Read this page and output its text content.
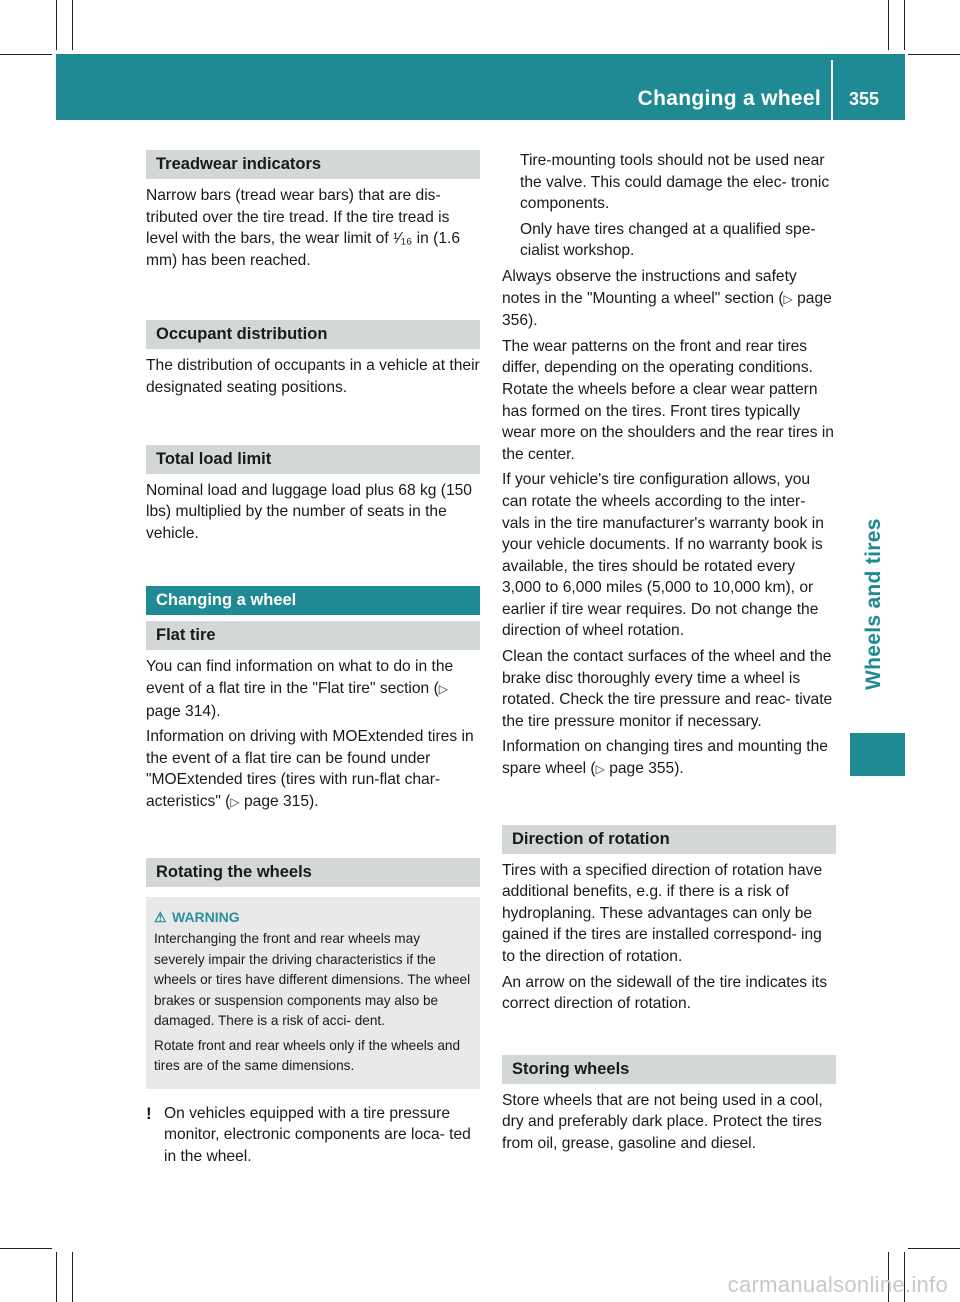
Changing a wheel 355
Wheels and tires
Treadwear indicators

Narrow bars (tread wear bars) that are dis- tributed over the tire tread. If the tire tread is level with the bars, the wear limit of ¹⁄₁₆ in (1.6 mm) has been reached.

Occupant distribution

The distribution of occupants in a vehicle at their designated seating positions.

Total load limit

Nominal load and luggage load plus 68 kg (150 lbs) multiplied by the number of seats in the vehicle.

Changing a wheel
Flat tire

You can find information on what to do in the event of a flat tire in the "Flat tire" section (▷ page 314).

Information on driving with MOExtended tires in the event of a flat tire can be found under "MOExtended tires (tires with run-flat char- acteristics" (▷ page 315).

Rotating the wheels
⚠ WARNING

Interchanging the front and rear wheels may severely impair the driving characteristics if the wheels or tires have different dimensions. The wheel brakes or suspension components may also be damaged. There is a risk of acci- dent.

Rotate front and rear wheels only if the wheels and tires are of the same dimensions.

! On vehicles equipped with a tire pressure monitor, electronic components are loca- ted in the wheel.

Tire-mounting tools should not be used near the valve. This could damage the elec- tronic components.

Only have tires changed at a qualified spe- cialist workshop.

Always observe the instructions and safety notes in the "Mounting a wheel" section (▷ page 356).

The wear patterns on the front and rear tires differ, depending on the operating conditions. Rotate the wheels before a clear wear pattern has formed on the tires. Front tires typically wear more on the shoulders and the rear tires in the center.

If your vehicle's tire configuration allows, you can rotate the wheels according to the inter- vals in the tire manufacturer's warranty book in your vehicle documents. If no warranty book is available, the tires should be rotated every 3,000 to 6,000 miles (5,000 to 10,000 km), or earlier if tire wear requires. Do not change the direction of wheel rotation.

Clean the contact surfaces of the wheel and the brake disc thoroughly every time a wheel is rotated. Check the tire pressure and reac- tivate the tire pressure monitor if necessary.

Information on changing tires and mounting the spare wheel (▷ page 355).

Direction of rotation

Tires with a specified direction of rotation have additional benefits, e.g. if there is a risk of hydroplaning. These advantages can only be gained if the tires are installed correspond- ing to the direction of rotation.

An arrow on the sidewall of the tire indicates its correct direction of rotation.

Storing wheels

Store wheels that are not being used in a cool, dry and preferably dark place. Protect the tires from oil, grease, gasoline and diesel.

carmanualsonline.info
